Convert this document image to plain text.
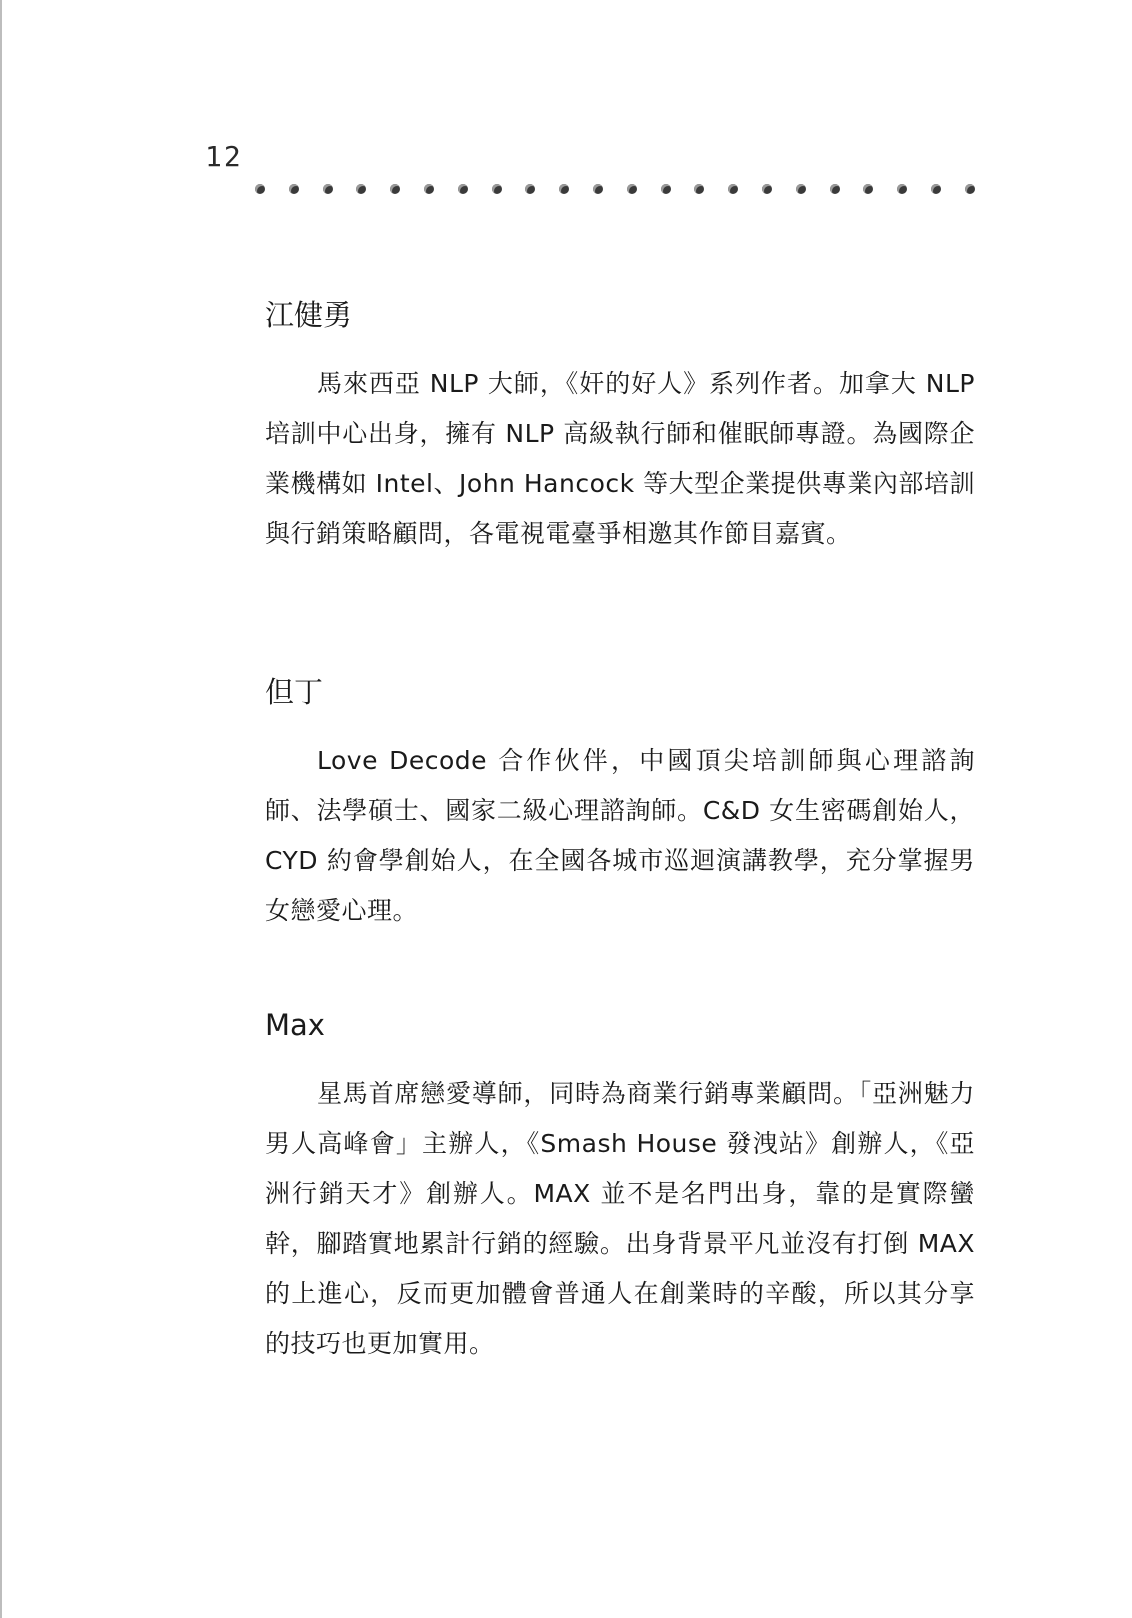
12
江健勇

馬來西亞 NLP 大師，《奸的好人》系列作者。加拿大 NLP 培訓中心出身，擁有 NLP 高級執行師和催眠師專證。為國際企業機構如 Intel、John Hancock 等大型企業提供專業內部培訓與行銷策略顧問，各電視電臺爭相邀其作節目嘉賓。

但丁

Love Decode 合作伙伴，中國頂尖培訓師與心理諮詢師、法學碩士、國家二級心理諮詢師。C&D 女生密碼創始人，CYD 約會學創始人，在全國各城市巡迴演講教學，充分掌握男女戀愛心理。

Max

星馬首席戀愛導師，同時為商業行銷專業顧問。「亞洲魅力男人高峰會」主辦人，《Smash House 發洩站》創辦人，《亞洲行銷天才》創辦人。MAX 並不是名門出身，靠的是實際蠻幹，腳踏實地累計行銷的經驗。出身背景平凡並沒有打倒 MAX 的上進心，反而更加體會普通人在創業時的辛酸，所以其分享的技巧也更加實用。
